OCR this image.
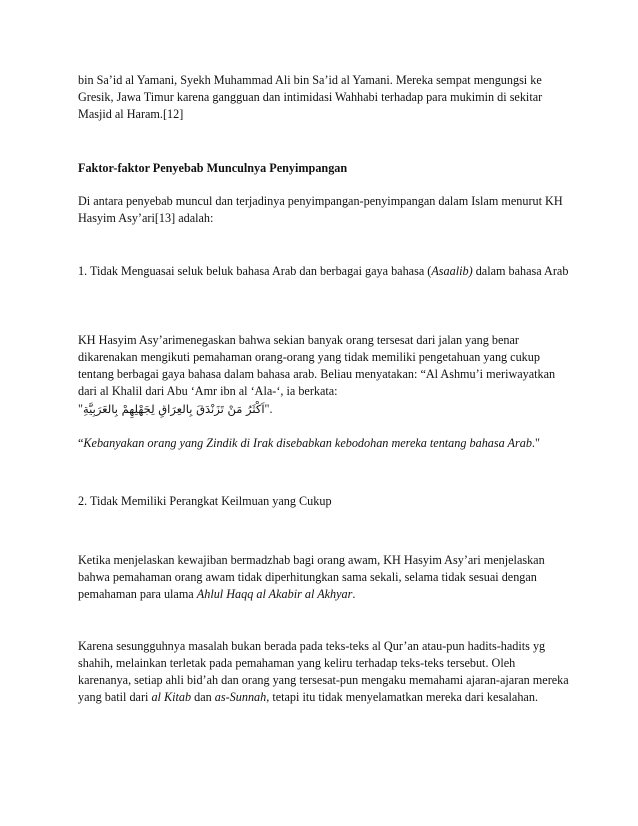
bin Sa’id al Yamani, Syekh Muhammad Ali bin Sa’id al Yamani. Mereka sempat mengungsi ke Gresik, Jawa Timur karena gangguan dan intimidasi Wahhabi terhadap para mukimin di sekitar Masjid al Haram.[12]

Faktor-faktor Penyebab Munculnya Penyimpangan

Di antara penyebab muncul dan terjadinya penyimpangan-penyimpangan dalam Islam menurut KH Hasyim Asy’ari[13] adalah:

1. Tidak Menguasai seluk beluk bahasa Arab dan berbagai gaya bahasa (Asaalib) dalam bahasa Arab

KH Hasyim Asy’arimenegaskan bahwa sekian banyak orang tersesat dari jalan yang benar dikarenakan mengikuti pemahaman orang-orang yang tidak memiliki pengetahuan yang cukup tentang berbagai gaya bahasa dalam bahasa arab. Beliau menyatakan: “Al Ashmu’i meriwayatkan dari al Khalil dari Abu ‘Amr ibn al ‘Ala-‘, ia berkata:

"اَكْثَرُ مَنْ تَزَنْدَقَ بِالعِرَاقِ لِجَهْلِهِمْ بِالعَرَبِيَّةِ".

“Kebanyakan orang yang Zindik di Irak disebabkan kebodohan mereka tentang bahasa Arab."

2. Tidak Memiliki Perangkat Keilmuan yang Cukup

Ketika menjelaskan kewajiban bermadzhab bagi orang awam, KH Hasyim Asy’ari menjelaskan bahwa pemahaman orang awam tidak diperhitungkan sama sekali, selama tidak sesuai dengan pemahaman para ulama Ahlul Haqq al Akabir al Akhyar.

Karena sesungguhnya masalah bukan berada pada teks-teks al Qur’an atau-pun hadits-hadits yg shahih, melainkan terletak pada pemahaman yang keliru terhadap teks-teks tersebut. Oleh karenanya, setiap ahli bid’ah dan orang yang tersesat-pun mengaku memahami ajaran-ajaran mereka yang batil dari al Kitab dan as-Sunnah, tetapi itu tidak menyelamatkan mereka dari kesalahan.
